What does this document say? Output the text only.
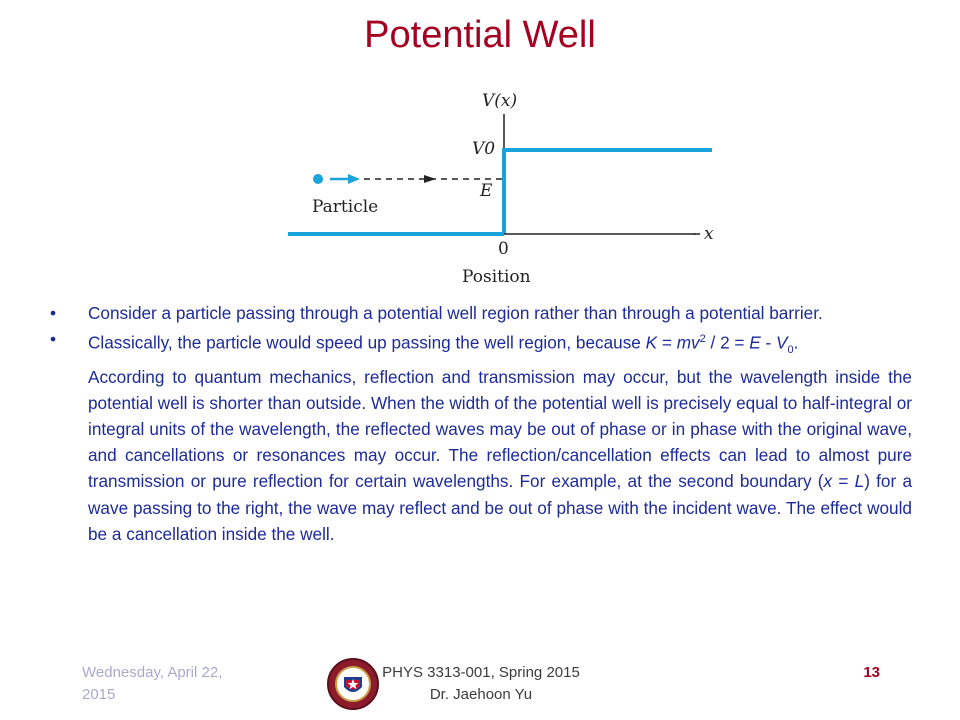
Potential Well
V(x)
V0
E
Particle
0
x
Position
• Consider a particle passing through a potential well region rather than through a potential barrier.
• Classically, the particle would speed up passing the well region, because $K = mv^2 / 2 = E - V_0$.
According to quantum mechanics, reflection and transmission may occur, but the wavelength inside the potential well is shorter than outside. When the width of the potential well is precisely equal to half-integral or integral units of the wavelength, the reflected waves may be out of phase or in phase with the original wave, and cancellations or resonances may occur. The reflection/cancellation effects can lead to almost pure transmission or pure reflection for certain wavelengths. For example, at the second boundary (x = L) for a wave passing to the right, the wave may reflect and be out of phase with the incident wave. The effect would be a cancellation inside the well.
Wednesday, April 22, 2015
PHYS 3313-001, Spring 2015
Dr. Jaehoon Yu
13
